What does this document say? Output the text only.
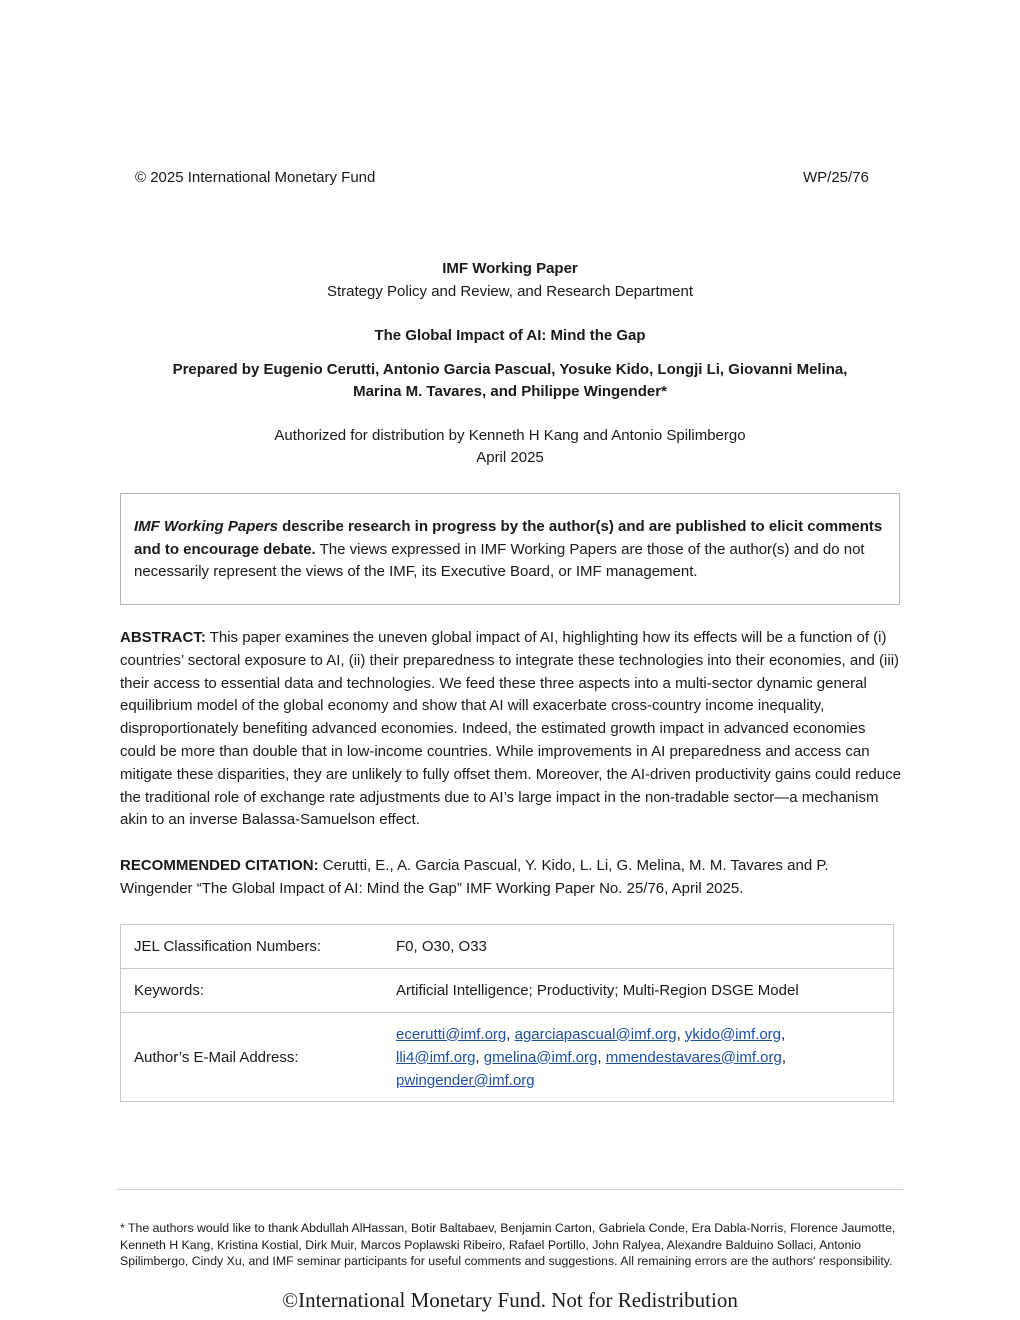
© 2025 International Monetary Fund	WP/25/76
IMF Working Paper
Strategy Policy and Review, and Research Department
The Global Impact of AI: Mind the Gap
Prepared by Eugenio Cerutti, Antonio Garcia Pascual, Yosuke Kido, Longji Li, Giovanni Melina,
Marina M. Tavares, and Philippe Wingender*
Authorized for distribution by Kenneth H Kang and Antonio Spilimbergo
April 2025
IMF Working Papers describe research in progress by the author(s) and are published to elicit comments and to encourage debate. The views expressed in IMF Working Papers are those of the author(s) and do not necessarily represent the views of the IMF, its Executive Board, or IMF management.
ABSTRACT: This paper examines the uneven global impact of AI, highlighting how its effects will be a function of (i) countries’ sectoral exposure to AI, (ii) their preparedness to integrate these technologies into their economies, and (iii) their access to essential data and technologies. We feed these three aspects into a multi-sector dynamic general equilibrium model of the global economy and show that AI will exacerbate cross-country income inequality, disproportionately benefiting advanced economies. Indeed, the estimated growth impact in advanced economies could be more than double that in low-income countries. While improvements in AI preparedness and access can mitigate these disparities, they are unlikely to fully offset them. Moreover, the AI-driven productivity gains could reduce the traditional role of exchange rate adjustments due to AI’s large impact in the non-tradable sector—a mechanism akin to an inverse Balassa-Samuelson effect.
RECOMMENDED CITATION: Cerutti, E., A. Garcia Pascual, Y. Kido, L. Li, G. Melina, M. M. Tavares and P. Wingender “The Global Impact of AI: Mind the Gap” IMF Working Paper No. 25/76, April 2025.
JEL Classification Numbers:	F0, O30, O33
Keywords:	Artificial Intelligence; Productivity; Multi-Region DSGE Model
Author’s E-Mail Address:	ecerutti@imf.org, agarciapascual@imf.org, ykido@imf.org,
lli4@imf.org, gmelina@imf.org, mmendestavares@imf.org,
pwingender@imf.org
* The authors would like to thank Abdullah AlHassan, Botir Baltabaev, Benjamin Carton, Gabriela Conde, Era Dabla-Norris, Florence Jaumotte, Kenneth H Kang, Kristina Kostial, Dirk Muir, Marcos Poplawski Ribeiro, Rafael Portillo, John Ralyea, Alexandre Balduino Sollaci, Antonio Spilimbergo, Cindy Xu, and IMF seminar participants for useful comments and suggestions. All remaining errors are the authors' responsibility.
©International Monetary Fund. Not for Redistribution
